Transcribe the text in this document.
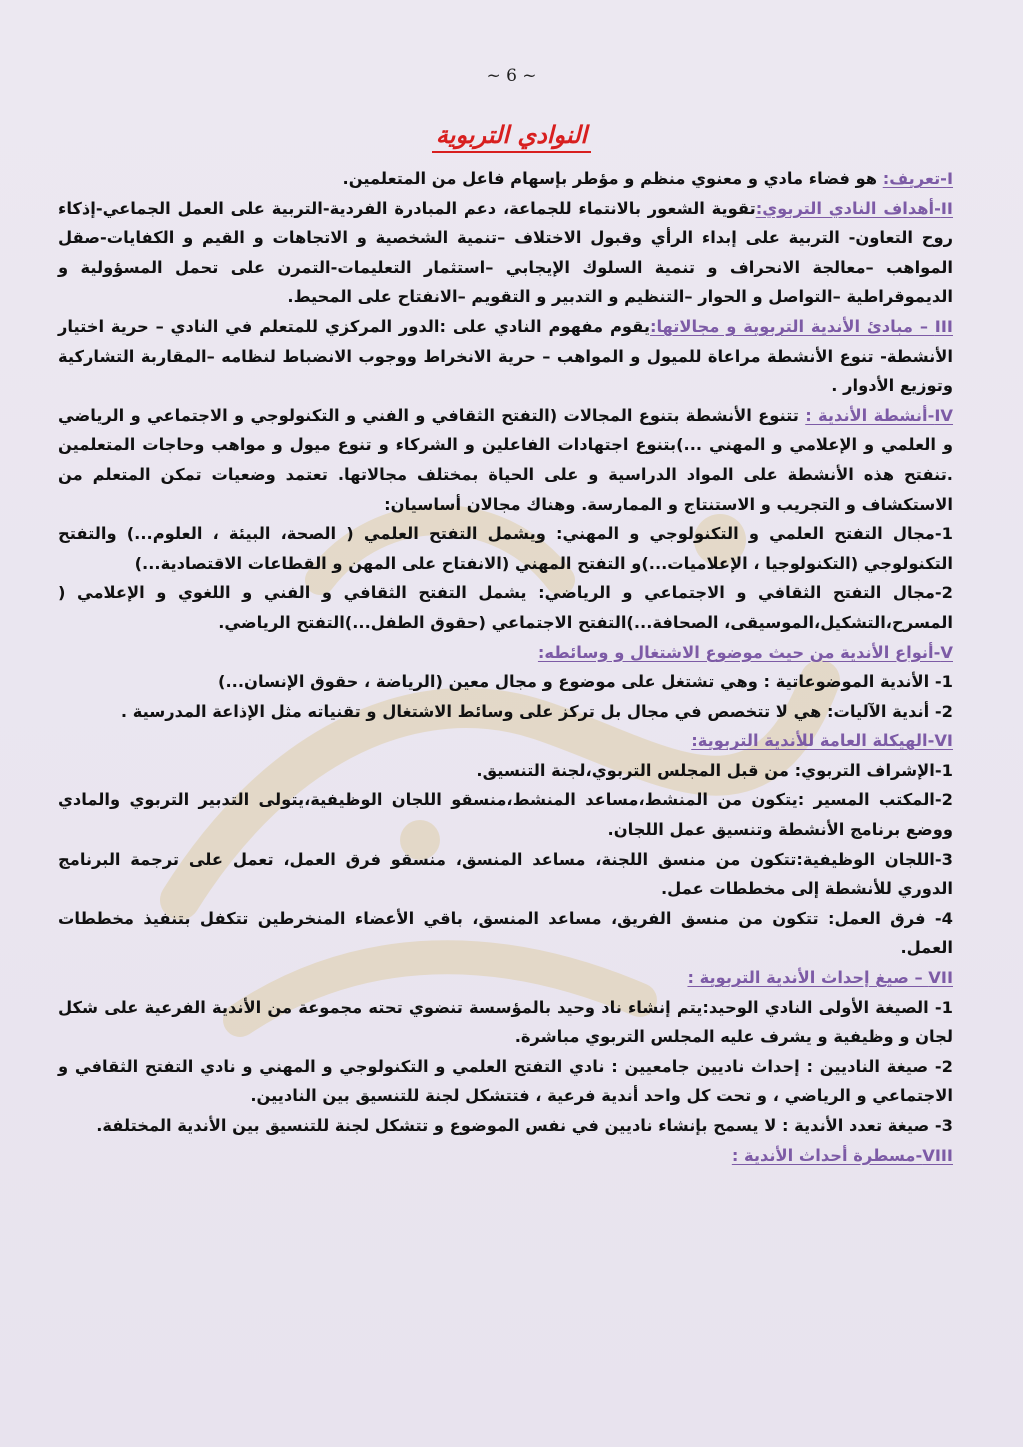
~ 6 ~
النوادي التربوية

I-تعريف: هو فضاء مادي و معنوي منظم و مؤطر بإسهام فاعل من المتعلمين.

II-أهداف النادي التربوي:تقوية الشعور بالانتماء للجماعة، دعم المبادرة الفردية-التربية على العمل الجماعي-إذكاء روح التعاون- التربية على إبداء الرأي وقبول الاختلاف –تنمية الشخصية و الاتجاهات و القيم و الكفايات-صقل المواهب –معالجة الانحراف و تنمية السلوك الإيجابي –استثمار التعليمات-التمرن على تحمل المسؤولية و الديموقراطية –التواصل و الحوار –التنظيم و التدبير و التقويم –الانفتاح على المحيط.

III – مبادئ الأندية التربوية و مجالاتها:يقوم مفهوم النادي على :الدور المركزي للمتعلم في النادي – حرية اختيار الأنشطة- تنوع الأنشطة مراعاة للميول و المواهب – حرية الانخراط ووجوب الانضباط لنظامه –المقاربة التشاركية وتوزيع الأدوار .

IV-أنشطة الأندية : تتنوع الأنشطة بتنوع المجالات (التفتح الثقافي و الفني و التكنولوجي و الاجتماعي و الرياضي و العلمي و الإعلامي و المهني ...)بتنوع اجتهادات الفاعلين و الشركاء و تنوع ميول و مواهب وحاجات المتعلمين .تنفتح هذه الأنشطة على المواد الدراسية و على الحياة بمختلف مجالاتها. تعتمد وضعيات تمكن المتعلم من الاستكشاف و التجريب و الاستنتاج و الممارسة. وهناك مجالان أساسيان:

1-مجال التفتح العلمي و التكنولوجي و المهني: ويشمل التفتح العلمي ( الصحة، البيئة ، العلوم...) والتفتح التكنولوجي (التكنولوجيا ، الإعلاميات...)و التفتح المهني (الانفتاح على المهن و القطاعات الاقتصادية...)

2-مجال التفتح الثقافي و الاجتماعي و الرياضي: يشمل التفتح الثقافي و الفني و اللغوي و الإعلامي ( المسرح،التشكيل،الموسيقى، الصحافة...)التفتح الاجتماعي (حقوق الطفل...)التفتح الرياضي.

V-أنواع الأندية من حيث موضوع الاشتغال و وسائطه:

1- الأندية الموضوعاتية : وهي تشتغل على موضوع و مجال معين (الرياضة ، حقوق الإنسان...)

2- أندية الآليات: هي لا تتخصص في مجال بل تركز على وسائط الاشتغال و تقنياته مثل الإذاعة المدرسية .

VI-الهيكلة العامة للأندية التربوية:

1-الإشراف التربوي: من قبل المجلس التربوي،لجنة التنسيق.

2-المكتب المسير :يتكون من المنشط،مساعد المنشط،منسقو اللجان الوظيفية،يتولى التدبير التربوي والمادي ووضع برنامج الأنشطة وتنسيق عمل اللجان.

3-اللجان الوظيفية:تتكون من منسق اللجنة، مساعد المنسق، منسقو فرق العمل، تعمل على ترجمة البرنامج الدوري للأنشطة إلى مخططات عمل.

4- فرق العمل: تتكون من منسق الفريق، مساعد المنسق، باقي الأعضاء المنخرطين تتكفل بتنفيذ مخططات العمل.

VII – صيغ إحداث الأندية التربوية :

1- الصيغة الأولى النادي الوحيد:يتم إنشاء ناد وحيد بالمؤسسة تنضوي تحته مجموعة من الأندية الفرعية على شكل لجان و وظيفية و يشرف عليه المجلس التربوي مباشرة.

2- صيغة الناديين : إحداث ناديين جامعيين : نادي التفتح العلمي و التكنولوجي و المهني و نادي التفتح الثقافي و الاجتماعي و الرياضي ، و تحت كل واحد أندية فرعية ، فتتشكل لجنة للتنسيق بين الناديين.

3- صيغة تعدد الأندية : لا يسمح بإنشاء ناديين في نفس الموضوع و تتشكل لجنة للتنسيق بين الأندية المختلفة.

VIII-مسطرة أحداث الأندية :
